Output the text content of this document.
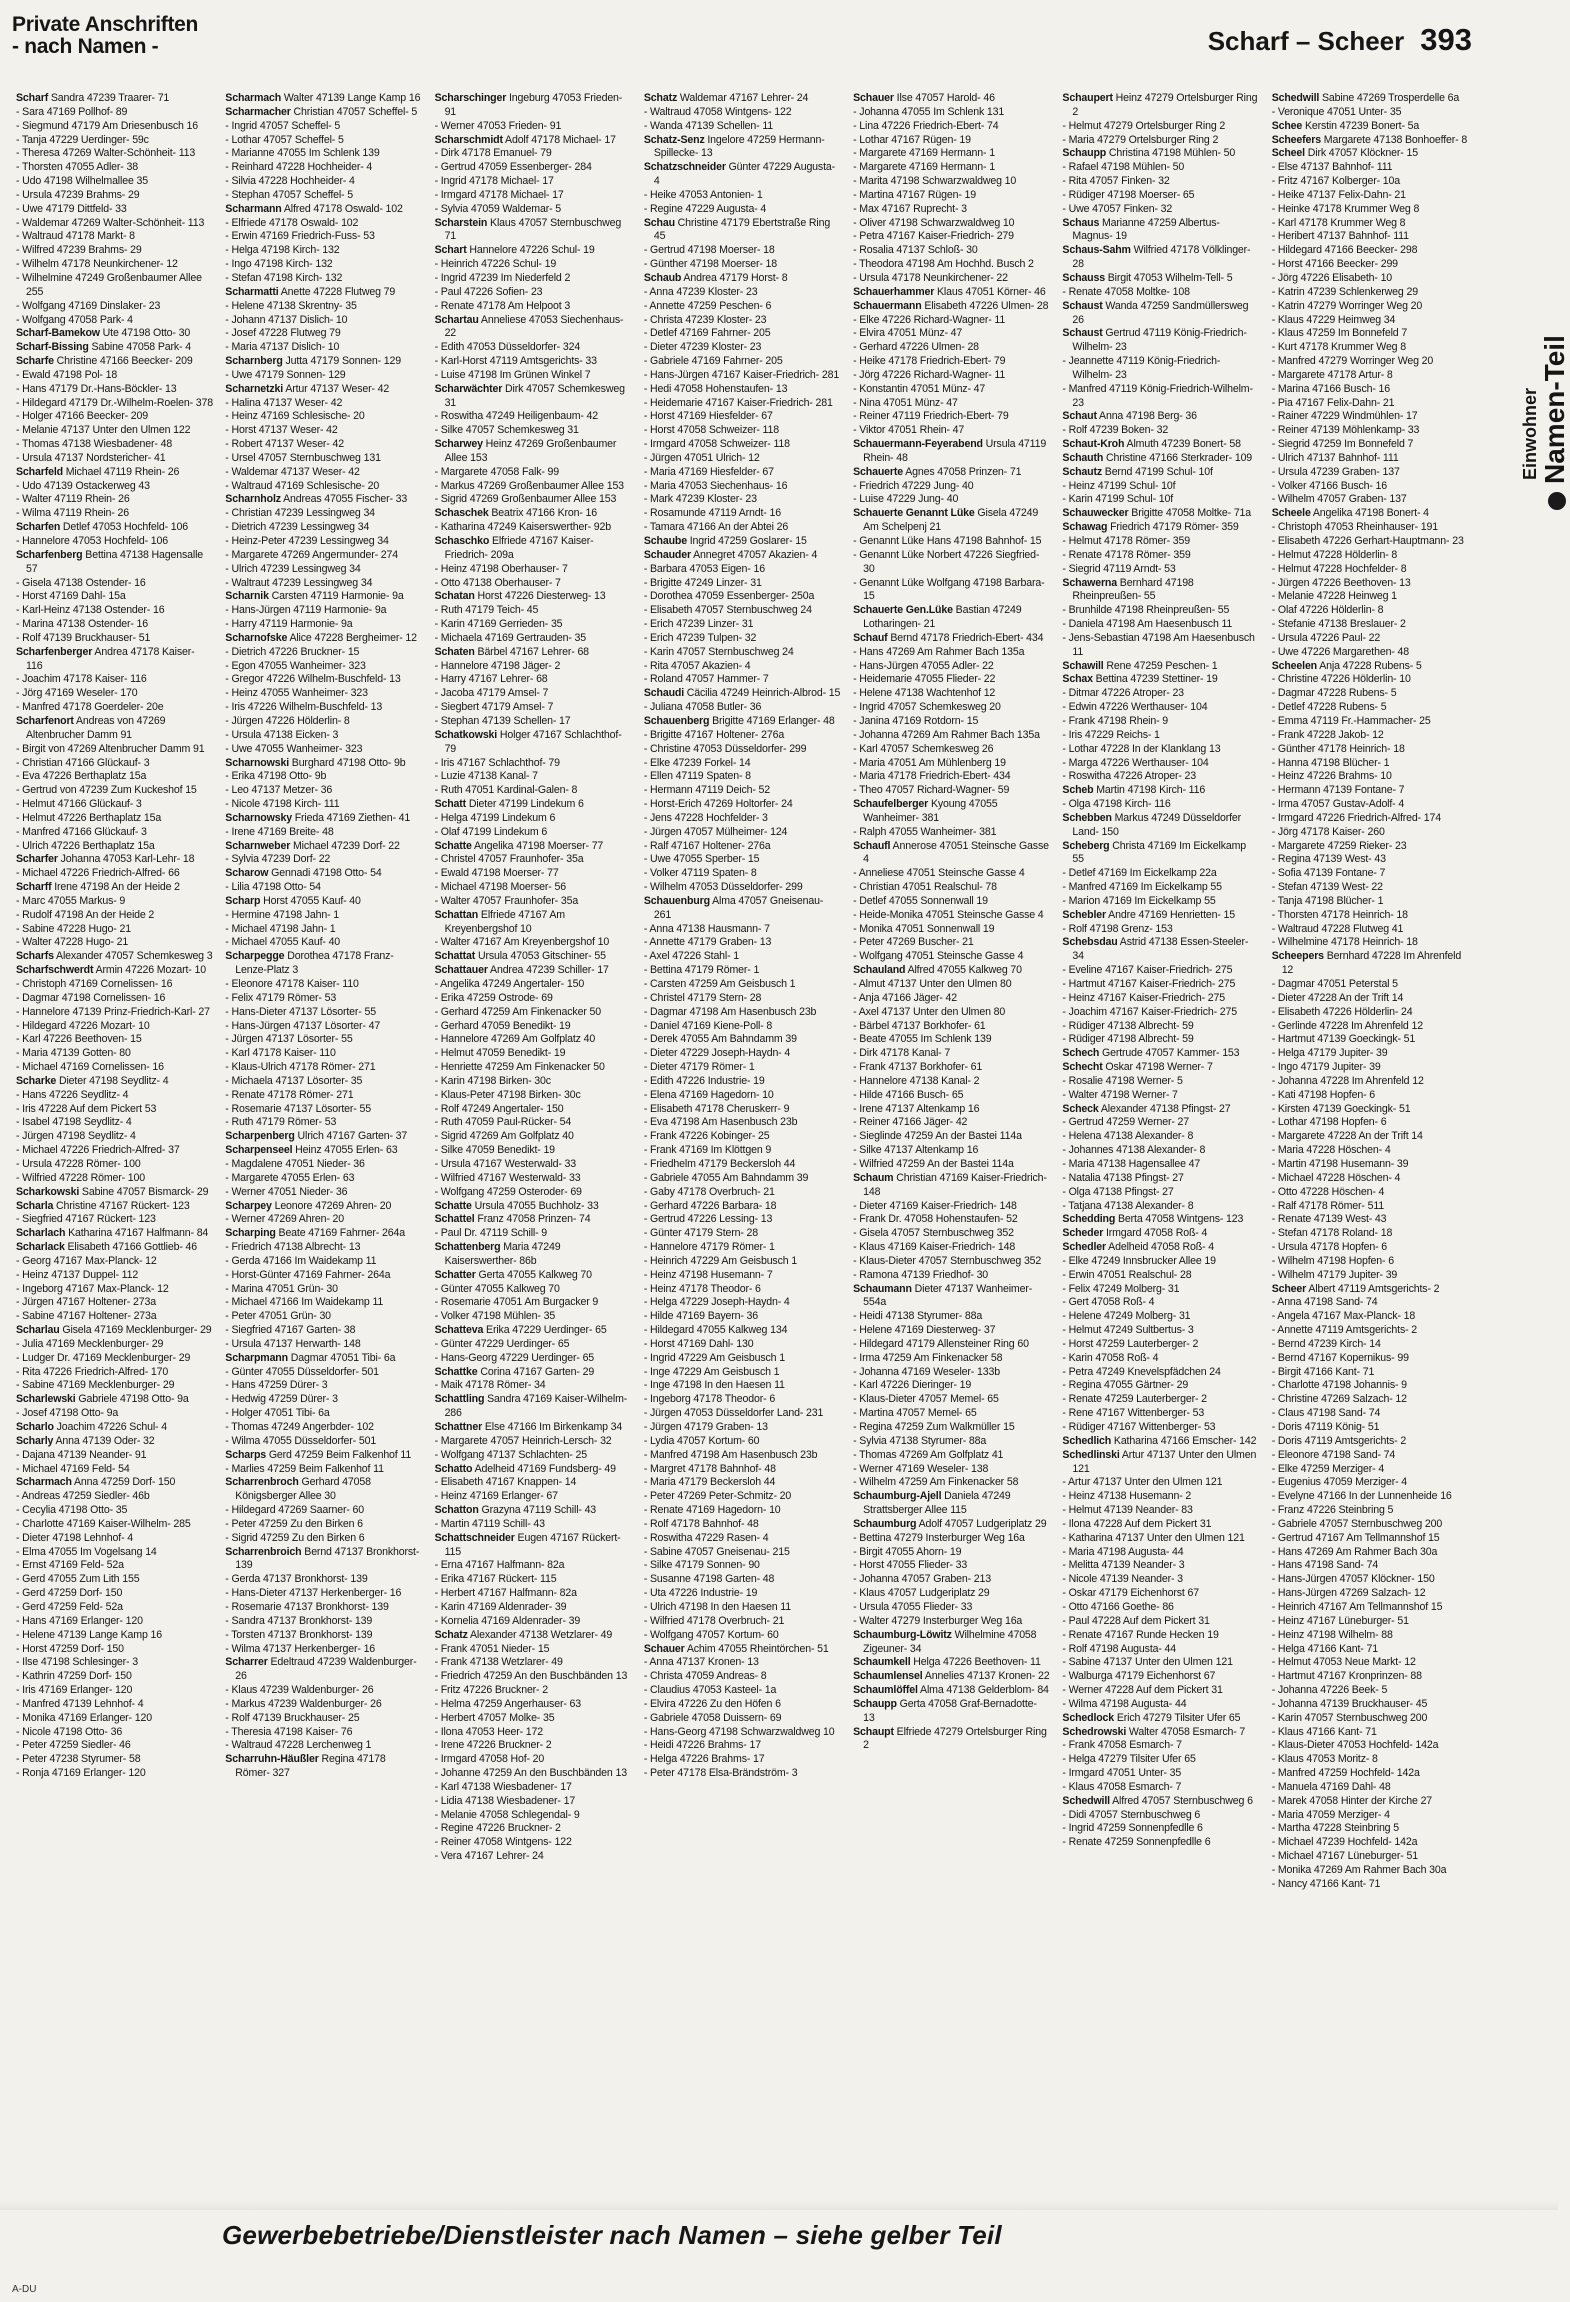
Private Anschriften
- nach Namen -	Scharf – Scheer 393
Scharf Sandra 47239 Traarer- 71
- Sara 47169 Pollhof- 89
- Siegmund 47179 Am Driesenbusch 16
- Tanja 47229 Uerdinger- 59c
- Theresa 47269 Walter-Schönheit- 113
- Thorsten 47055 Adler- 38
- Udo 47198 Wilhelmallee 35
- Ursula 47239 Brahms- 29
- Uwe 47179 Dittfeld- 33
- Waldemar 47269 Walter-Schönheit- 113
- Waltraud 47178 Markt- 8
- Wilfred 47239 Brahms- 29
- Wilhelm 47178 Neunkirchener- 12
- Wilhelmine 47249 Großenbaumer Allee 255
- Wolfgang 47169 Dinslaker- 23
- Wolfgang 47058 Park- 4
Scharf-Bamekow Ute 47198 Otto- 30
Scharf-Bissing Sabine 47058 Park- 4
Scharfe Christine 47166 Beecker- 209
- Ewald 47198 Pol- 18
- Hans 47179 Dr.-Hans-Böckler- 13
- Hildegard 47179 Dr.-Wilhelm-Roelen- 378
- Holger 47166 Beecker- 209
- Melanie 47137 Unter den Ulmen 122
- Thomas 47138 Wiesbadener- 48
- Ursula 47137 Nordstericher- 41
Scharfeld Michael 47119 Rhein- 26
- Udo 47139 Ostackerweg 43
- Walter 47119 Rhein- 26
- Wilma 47119 Rhein- 26
Scharfen Detlef 47053 Hochfeld- 106
- Hannelore 47053 Hochfeld- 106
Scharfenberg Bettina 47138 Hagensalle 57
- Gisela 47138 Ostender- 16
- Horst 47169 Dahl- 15a
- Karl-Heinz 47138 Ostender- 16
- Marina 47138 Ostender- 16
- Rolf 47139 Bruckhauser- 51
Scharfenberger Andrea 47178 Kaiser- 116
- Joachim 47178 Kaiser- 116
- Jörg 47169 Weseler- 170
- Manfred 47178 Goerdeler- 20e
Scharfenort Andreas von 47269 Altenbrucher Damm 91
- Birgit von 47269 Altenbrucher Damm 91
- Christian 47166 Glückauf- 3
- Eva 47226 Berthaplatz 15a
- Gertrud von 47239 Zum Kuckeshof 15
- Helmut 47166 Glückauf- 3
- Helmut 47226 Berthaplatz 15a
- Manfred 47166 Glückauf- 3
- Ulrich 47226 Berthaplatz 15a
Scharfer Johanna 47053 Karl-Lehr- 18
- Michael 47226 Friedrich-Alfred- 66
Scharff Irene 47198 An der Heide 2
- Marc 47055 Markus- 9
- Rudolf 47198 An der Heide 2
- Sabine 47228 Hugo- 21
- Walter 47228 Hugo- 21
Scharfs Alexander 47057 Schemkesweg 3
Scharfschwerdt Armin 47226 Mozart- 10
- Christoph 47169 Cornelissen- 16
- Dagmar 47198 Cornelissen- 16
- Hannelore 47139 Prinz-Friedrich-Karl- 27
- Hildegard 47226 Mozart- 10
- Karl 47226 Beethoven- 15
- Maria 47139 Gotten- 80
- Michael 47169 Cornelissen- 16
Scharke Dieter 47198 Seydlitz- 4
- Hans 47226 Seydlitz- 4
- Iris 47228 Auf dem Pickert 53
- Isabel 47198 Seydlitz- 4
- Jürgen 47198 Seydlitz- 4
- Michael 47226 Friedrich-Alfred- 37
- Ursula 47228 Römer- 100
- Wilfried 47228 Römer- 100
Scharkowski Sabine 47057 Bismarck- 29
Scharla Christine 47167 Rückert- 123
- Siegfried 47167 Rückert- 123
Scharlach Katharina 47167 Halfmann- 84
Scharlack Elisabeth 47166 Gottlieb- 46
- Georg 47167 Max-Planck- 12
- Heinz 47137 Duppel- 112
- Ingeborg 47167 Max-Planck- 12
- Jürgen 47167 Holtener- 273a
- Sabine 47167 Holtener- 273a
Scharlau Gisela 47169 Mecklenburger- 29
- Julia 47169 Mecklenburger- 29
- Ludger Dr. 47169 Mecklenburger- 29
- Rita 47226 Friedrich-Alfred- 170
- Sabine 47169 Mecklenburger- 29
Scharlewski Gabriele 47198 Otto- 9a
- Josef 47198 Otto- 9a
Scharlo Joachim 47226 Schul- 4
Scharly Anna 47139 Oder- 32
- Dajana 47139 Neander- 91
- Michael 47169 Feld- 54
Scharmach Anna 47259 Dorf- 150
- Andreas 47259 Siedler- 46b
- Cecylia 47198 Otto- 35
- Charlotte 47169 Kaiser-Wilhelm- 285
- Dieter 47198 Lehnhof- 4
- Elma 47055 Im Vogelsang 14
- Ernst 47169 Feld- 52a
- Gerd 47055 Zum Lith 155
- Gerd 47259 Dorf- 150
- Gerd 47259 Feld- 52a
- Hans 47169 Erlanger- 120
- Helene 47139 Lange Kamp 16
- Horst 47259 Dorf- 150
- Ilse 47198 Schlesinger- 3
- Kathrin 47259 Dorf- 150
- Iris 47169 Erlanger- 120
- Manfred 47139 Lehnhof- 4
- Monika 47169 Erlanger- 120
- Nicole 47198 Otto- 36
- Peter 47259 Siedler- 46
- Peter 47238 Styrumer- 58
- Ronja 47169 Erlanger- 120
Scharmach Walter 47139 Lange Kamp 16
Scharmacher Christian 47057 Scheffel- 5
- Ingrid 47057 Scheffel- 5
- Lothar 47057 Scheffel- 5
- Marianne 47055 Im Schlenk 139
- Reinhard 47228 Hochheider- 4
- Silvia 47228 Hochheider- 4
- Stephan 47057 Scheffel- 5
Scharmann Alfred 47178 Oswald- 102
- Elfriede 47178 Oswald- 102
- Erwin 47169 Friedrich-Fuss- 53
- Helga 47198 Kirch- 132
- Ingo 47198 Kirch- 132
- Stefan 47198 Kirch- 132
Scharmatti Anette 47228 Flutweg 79
- Helene 47138 Skrentny- 35
- Johann 47137 Dislich- 10
- Josef 47228 Flutweg 79
- Maria 47137 Dislich- 10
Scharnberg Jutta 47179 Sonnen- 129
- Uwe 47179 Sonnen- 129
Scharnetzki Artur 47137 Weser- 42
- Halina 47137 Weser- 42
- Heinz 47169 Schlesische- 20
- Horst 47137 Weser- 42
- Robert 47137 Weser- 42
- Ursel 47057 Sternbuschweg 131
- Waldemar 47137 Weser- 42
- Waltraud 47169 Schlesische- 20
Scharnholz Andreas 47055 Fischer- 33
- Christian 47239 Lessingweg 34
- Dietrich 47239 Lessingweg 34
- Heinz-Peter 47239 Lessingweg 34
- Margarete 47269 Angermunder- 274
- Ulrich 47239 Lessingweg 34
- Waltraut 47239 Lessingweg 34
Scharnik Carsten 47119 Harmonie- 9a
- Hans-Jürgen 47119 Harmonie- 9a
- Harry 47119 Harmonie- 9a
Scharnofske Alice 47228 Bergheimer- 12
- Dietrich 47226 Bruckner- 15
- Egon 47055 Wanheimer- 323
- Gregor 47226 Wilhelm-Buschfeld- 13
- Heinz 47055 Wanheimer- 323
- Iris 47226 Wilhelm-Buschfeld- 13
- Jürgen 47226 Hölderlin- 8
- Ursula 47138 Eicken- 3
- Uwe 47055 Wanheimer- 323
Scharnowski Burghard 47198 Otto- 9b
- Erika 47198 Otto- 9b
- Leo 47137 Metzer- 36
- Nicole 47198 Kirch- 111
Scharnowsky Frieda 47169 Ziethen- 41
- Irene 47169 Breite- 48
Scharnweber Michael 47239 Dorf- 22
- Sylvia 47239 Dorf- 22
Scharow Gennadi 47198 Otto- 54
- Lilia 47198 Otto- 54
Scharp Horst 47055 Kauf- 40
- Hermine 47198 Jahn- 1
- Michael 47198 Jahn- 1
- Michael 47055 Kauf- 40
Scharpegge Dorothea 47178 Franz-Lenze-Platz 3
- Eleonore 47178 Kaiser- 110
- Felix 47179 Römer- 53
- Hans-Dieter 47137 Lösorter- 55
- Hans-Jürgen 47137 Lösorter- 47
- Jürgen 47137 Lösorter- 55
- Karl 47178 Kaiser- 110
- Klaus-Ulrich 47178 Römer- 271
- Michaela 47137 Lösorter- 35
- Renate 47178 Römer- 271
- Rosemarie 47137 Lösorter- 55
- Ruth 47179 Römer- 53
Scharpenberg Ulrich 47167 Garten- 37
Scharpenseel Heinz 47055 Erlen- 63
- Magdalene 47051 Nieder- 36
- Margarete 47055 Erlen- 63
- Werner 47051 Nieder- 36
Scharpey Leonore 47269 Ahren- 20
- Werner 47269 Ahren- 20
Scharping Beate 47169 Fahrner- 264a
- Friedrich 47138 Albrecht- 13
- Gerda 47166 Im Waidekamp 11
- Horst-Günter 47169 Fahrner- 264a
- Marina 47051 Grün- 30
- Michael 47166 Im Waidekamp 11
- Peter 47051 Grün- 30
- Siegfried 47167 Garten- 38
- Ursula 47137 Herwarth- 148
Scharpmann Dagmar 47051 Tibi- 6a
- Günter 47055 Düsseldorfer- 501
- Hans 47259 Dürer- 3
- Hedwig 47259 Dürer- 3
- Holger 47051 Tibi- 6a
- Thomas 47249 Angerbder- 102
- Wilma 47055 Düsseldorfer- 501
Scharps Gerd 47259 Beim Falkenhof 11
- Marlies 47259 Beim Falkenhof 11
Scharrenbroch Gerhard 47058 Königsberger Allee 30
- Hildegard 47269 Saarner- 60
- Peter 47259 Zu den Birken 6
- Sigrid 47259 Zu den Birken 6
Scharrenbroich Bernd 47137 Bronkhorst- 139
- Gerda 47137 Bronkhorst- 139
- Hans-Dieter 47137 Herkenberger- 16
- Rosemarie 47137 Bronkhorst- 139
- Sandra 47137 Bronkhorst- 139
- Torsten 47137 Bronkhorst- 139
- Wilma 47137 Herkenberger- 16
Scharrer Edeltraud 47239 Waldenburger- 26
- Klaus 47239 Waldenburger- 26
- Markus 47239 Waldenburger- 26
- Rolf 47139 Bruckhauser- 25
- Theresia 47198 Kaiser- 76
- Waltraud 47228 Lerchenweg 1
Scharruhn-Häußler Regina 47178 Römer- 327
Scharschinger Ingeburg 47053 Frieden- 91
- Werner 47053 Frieden- 91
Scharschmidt Adolf 47178 Michael- 17
- Dirk 47178 Emanuel- 79
- Gertrud 47059 Essenberger- 284
- Ingrid 47178 Michael- 17
- Irmgard 47178 Michael- 17
- Sylvia 47059 Waldemar- 5
Scharstein Klaus 47057 Sternbuschweg 71
Schart Hannelore 47226 Schul- 19
- Heinrich 47226 Schul- 19
- Ingrid 47239 Im Niederfeld 2
- Paul 47226 Sofien- 23
- Renate 47178 Am Helpoot 3
Schartau Anneliese 47053 Siechenhaus- 22
- Edith 47053 Düsseldorfer- 324
- Karl-Horst 47119 Amtsgerichts- 33
- Luise 47198 Im Grünen Winkel 7
Scharwächter Dirk 47057 Schemkesweg 31
- Roswitha 47249 Heiligenbaum- 42
- Silke 47057 Schemkesweg 31
Scharwey Heinz 47269 Großenbaumer Allee 153
- Margarete 47058 Falk- 99
- Markus 47269 Großenbaumer Allee 153
- Sigrid 47269 Großenbaumer Allee 153
Schaschek Beatrix 47166 Kron- 16
- Katharina 47249 Kaiserswerther- 92b
Schaschko Elfriede 47167 Kaiser-Friedrich- 209a
- Heinz 47198 Oberhauser- 7
- Otto 47138 Oberhauser- 7
Schatan Horst 47226 Diesterweg- 13
- Ruth 47179 Teich- 45
- Karin 47169 Gerrieden- 35
- Michaela 47169 Gertrauden- 35
Schaten Bärbel 47167 Lehrer- 68
- Hannelore 47198 Jäger- 2
- Harry 47167 Lehrer- 68
- Jacoba 47179 Amsel- 7
- Siegbert 47179 Amsel- 7
- Stephan 47139 Schellen- 17
Schatkowski Holger 47167 Schlachthof- 79
- Iris 47167 Schlachthof- 79
- Luzie 47138 Kanal- 7
- Ruth 47051 Kardinal-Galen- 8
Schatt Dieter 47199 Lindekum 6
- Helga 47199 Lindekum 6
- Olaf 47199 Lindekum 6
Schatte Angelika 47198 Moerser- 77
- Christel 47057 Fraunhofer- 35a
- Ewald 47198 Moerser- 77
- Michael 47198 Moerser- 56
- Walter 47057 Fraunhofer- 35a
Schattan Elfriede 47167 Am Kreyenbergshof 10
- Walter 47167 Am Kreyenbergshof 10
Schattat Ursula 47053 Gitschiner- 55
Schattauer Andrea 47239 Schiller- 17
- Angelika 47249 Angertaler- 150
- Erika 47259 Ostrode- 69
- Gerhard 47259 Am Finkenacker 50
- Gerhard 47059 Benedikt- 19
- Hannelore 47269 Am Golfplatz 40
- Helmut 47059 Benedikt- 19
- Henriette 47259 Am Finkenacker 50
- Karin 47198 Birken- 30c
- Klaus-Peter 47198 Birken- 30c
- Rolf 47249 Angertaler- 150
- Ruth 47059 Paul-Rücker- 54
- Sigrid 47269 Am Golfplatz 40
- Silke 47059 Benedikt- 19
- Ursula 47167 Westerwald- 33
- Wilfried 47167 Westerwald- 33
- Wolfgang 47259 Osteroder- 69
Schatte Ursula 47055 Buchholz- 33
Schattel Franz 47058 Prinzen- 74
- Paul Dr. 47119 Schill- 9
Schattenberg Maria 47249 Kaiserswerther- 86b
Schatter Gerta 47055 Kalkweg 70
- Günter 47055 Kalkweg 70
- Rosemarie 47051 Am Burgacker 9
- Volker 47198 Mühlen- 35
Schatteva Erika 47229 Uerdinger- 65
- Günter 47229 Uerdinger- 65
- Hans-Georg 47229 Uerdinger- 65
Schattke Corina 47167 Garten- 29
- Maik 47178 Römer- 34
Schattling Sandra 47169 Kaiser-Wilhelm- 286
Schattner Else 47166 Im Birkenkamp 34
- Margarete 47057 Heinrich-Lersch- 32
- Wolfgang 47137 Schlachten- 25
Schatto Adelheid 47169 Fundsberg- 49
- Elisabeth 47167 Knappen- 14
- Heinz 47169 Erlanger- 67
Schatton Grazyna 47119 Schill- 43
- Martin 47119 Schill- 43
Schattschneider Eugen 47167 Rückert- 115
- Erna 47167 Halfmann- 82a
- Erika 47167 Rückert- 115
- Herbert 47167 Halfmann- 82a
- Karin 47169 Aldenrader- 39
- Kornelia 47169 Aldenrader- 39
Schatz Alexander 47138 Wetzlarer- 49
- Frank 47051 Nieder- 15
- Frank 47138 Wetzlarer- 49
- Friedrich 47259 An den Buschbänden 13
- Fritz 47226 Bruckner- 2
- Helma 47259 Angerhauser- 63
- Herbert 47057 Molke- 35
- Ilona 47053 Heer- 172
- Irene 47226 Bruckner- 2
- Irmgard 47058 Hof- 20
- Johanne 47259 An den Buschbänden 13
- Karl 47138 Wiesbadener- 17
- Lidia 47138 Wiesbadener- 17
- Melanie 47058 Schlegendal- 9
- Regine 47226 Bruckner- 2
- Reiner 47058 Wintgens- 122
- Vera 47167 Lehrer- 24
Schatz Waldemar 47167 Lehrer- 24
- Waltraud 47058 Wintgens- 122
- Wanda 47139 Schellen- 11
Schatz-Senz Ingelore 47259 Hermann-Spillecke- 13
Schatzschneider Günter 47229 Augusta- 4
- Heike 47053 Antonien- 1
- Regine 47229 Augusta- 4
Schau Christine 47179 Ebertstraße Ring 45
- Gertrud 47198 Moerser- 18
- Günther 47198 Moerser- 18
Schaub Andrea 47179 Horst- 8
- Anna 47239 Kloster- 23
- Annette 47259 Peschen- 6
- Christa 47239 Kloster- 23
- Detlef 47169 Fahrner- 205
- Dieter 47239 Kloster- 23
- Gabriele 47169 Fahrner- 205
- Hans-Jürgen 47167 Kaiser-Friedrich- 281
- Hedi 47058 Hohenstaufen- 13
- Heidemarie 47167 Kaiser-Friedrich- 281
- Horst 47169 Hiesfelder- 67
- Horst 47058 Schweizer- 118
- Irmgard 47058 Schweizer- 118
- Jürgen 47051 Ulrich- 12
- Maria 47169 Hiesfelder- 67
- Maria 47053 Siechenhaus- 16
- Mark 47239 Kloster- 23
- Rosamunde 47119 Arndt- 16
- Tamara 47166 An der Abtei 26
Schaube Ingrid 47259 Goslarer- 15
Schauder Annegret 47057 Akazien- 4
- Barbara 47053 Eigen- 16
- Brigitte 47249 Linzer- 31
- Dorothea 47059 Essenberger- 250a
- Elisabeth 47057 Sternbuschweg 24
- Erich 47239 Linzer- 31
- Erich 47239 Tulpen- 32
- Karin 47057 Sternbuschweg 24
- Rita 47057 Akazien- 4
- Roland 47057 Hammer- 7
Schaudi Cäcilia 47249 Heinrich-Albrod- 15
- Juliana 47058 Butler- 36
Schauenberg Brigitte 47169 Erlanger- 48
- Brigitte 47167 Holtener- 276a
- Christine 47053 Düsseldorfer- 299
- Elke 47239 Forkel- 14
- Ellen 47119 Spaten- 8
- Hermann 47119 Deich- 52
- Horst-Erich 47269 Holtorfer- 24
- Jens 47228 Hochfelder- 3
- Jürgen 47057 Mülheimer- 124
- Ralf 47167 Holtener- 276a
- Uwe 47055 Sperber- 15
- Volker 47119 Spaten- 8
- Wilhelm 47053 Düsseldorfer- 299
Schauenburg Alma 47057 Gneisenau- 261
- Anna 47138 Hausmann- 7
- Annette 47179 Graben- 13
- Axel 47226 Stahl- 1
- Bettina 47179 Römer- 1
- Carsten 47259 Am Geisbusch 1
- Christel 47179 Stern- 28
- Dagmar 47198 Am Hasenbusch 23b
- Daniel 47169 Kiene-Poll- 8
- Derek 47055 Am Bahndamm 39
- Dieter 47229 Joseph-Haydn- 4
- Dieter 47179 Römer- 1
- Edith 47226 Industrie- 19
- Elena 47169 Hagedorn- 10
- Elisabeth 47178 Cheruskerr- 9
- Eva 47198 Am Hasenbusch 23b
- Frank 47226 Kobinger- 25
- Frank 47169 Im Klöttgen 9
- Friedhelm 47179 Beckersloh 44
- Gabriele 47055 Am Bahndamm 39
- Gaby 47178 Overbruch- 21
- Gerhard 47226 Barbara- 18
- Gertrud 47226 Lessing- 13
- Günter 47179 Stern- 28
- Hannelore 47179 Römer- 1
- Heinrich 47229 Am Geisbusch 1
- Heinz 47198 Husemann- 7
- Heinz 47178 Theodor- 6
- Helga 47229 Joseph-Haydn- 4
- Hilde 47169 Bayern- 36
- Hildegard 47055 Kalkweg 134
- Horst 47169 Dahl- 130
- Ingrid 47229 Am Geisbusch 1
- Inge 47229 Am Geisbusch 1
- Inge 47198 In den Haesen 11
- Ingeborg 47178 Theodor- 6
- Jürgen 47053 Düsseldorfer Land- 231
- Jürgen 47179 Graben- 13
- Lydia 47057 Kortum- 60
- Manfred 47198 Am Hasenbusch 23b
- Margret 47178 Bahnhof- 48
- Maria 47179 Beckersloh 44
- Peter 47269 Peter-Schmitz- 20
- Renate 47169 Hagedorn- 10
- Rolf 47178 Bahnhof- 48
- Roswitha 47229 Rasen- 4
- Sabine 47057 Gneisenau- 215
- Silke 47179 Sonnen- 90
- Susanne 47198 Garten- 48
- Uta 47226 Industrie- 19
- Ulrich 47198 In den Haesen 11
- Wilfried 47178 Overbruch- 21
- Wolfgang 47057 Kortum- 60
Schauer Achim 47055 Rheintörchen- 51
- Anna 47137 Kronen- 13
- Christa 47059 Andreas- 8
- Claudius 47053 Kasteel- 1a
- Elvira 47226 Zu den Höfen 6
- Gabriele 47058 Duissern- 69
- Hans-Georg 47198 Schwarzwaldweg 10
- Heidi 47226 Brahms- 17
- Helga 47226 Brahms- 17
- Peter 47178 Elsa-Brändström- 3
Schauer Ilse 47057 Harold- 46
- Johanna 47055 Im Schlenk 131
- Lina 47226 Friedrich-Ebert- 74
- Lothar 47167 Rügen- 19
- Margarete 47169 Hermann- 1
- Margarete 47169 Hermann- 1
- Marita 47198 Schwarzwaldweg 10
- Martina 47167 Rügen- 19
- Max 47167 Ruprecht- 3
- Oliver 47198 Schwarzwaldweg 10
- Petra 47167 Kaiser-Friedrich- 279
- Rosalia 47137 Schloß- 30
- Theodora 47198 Am Hochhd. Busch 2
- Ursula 47178 Neunkirchener- 22
Schauerhammer Klaus 47051 Körner- 46
Schauermann Elisabeth 47226 Ulmen- 28
- Elke 47226 Richard-Wagner- 11
- Elvira 47051 Münz- 47
- Gerhard 47226 Ulmen- 28
- Heike 47178 Friedrich-Ebert- 79
- Jörg 47226 Richard-Wagner- 11
- Konstantin 47051 Münz- 47
- Nina 47051 Münz- 47
- Reiner 47119 Friedrich-Ebert- 79
- Viktor 47051 Rhein- 47
Schauermann-Feyerabend Ursula 47119 Rhein- 48
Schauerte Agnes 47058 Prinzen- 71
- Friedrich 47229 Jung- 40
- Luise 47229 Jung- 40
Schauerte Genannt Lüke Gisela 47249 Am Schelpenj 21
- Genannt Lüke Hans 47198 Bahnhof- 15
- Genannt Lüke Norbert 47226 Siegfried- 30
- Genannt Lüke Wolfgang 47198 Barbara- 15
Schauerte Gen.Lüke Bastian 47249 Lotharingen- 21
Schauf Bernd 47178 Friedrich-Ebert- 434
- Hans 47269 Am Rahmer Bach 135a
- Hans-Jürgen 47055 Adler- 22
- Heidemarie 47055 Flieder- 22
- Helene 47138 Wachtenhof 12
- Ingrid 47057 Schemkesweg 20
- Janina 47169 Rotdorn- 15
- Johanna 47269 Am Rahmer Bach 135a
- Karl 47057 Schemkesweg 26
- Maria 47051 Am Mühlenberg 19
- Maria 47178 Friedrich-Ebert- 434
- Theo 47057 Richard-Wagner- 59
Schaufelberger Kyoung 47055 Wanheimer- 381
- Ralph 47055 Wanheimer- 381
Schaufl Annerose 47051 Steinsche Gasse 4
- Anneliese 47051 Steinsche Gasse 4
- Christian 47051 Realschul- 78
- Detlef 47055 Sonnenwall 19
- Heide-Monika 47051 Steinsche Gasse 4
- Monika 47051 Sonnenwall 19
- Peter 47269 Buscher- 21
- Wolfgang 47051 Steinsche Gasse 4
Schauland Alfred 47055 Kalkweg 70
- Almut 47137 Unter den Ulmen 80
- Anja 47166 Jäger- 42
- Axel 47137 Unter den Ulmen 80
- Bärbel 47137 Borkhofer- 61
- Beate 47055 Im Schlenk 139
- Dirk 47178 Kanal- 7
- Frank 47137 Borkhofer- 61
- Hannelore 47138 Kanal- 2
- Hilde 47166 Busch- 65
- Irene 47137 Altenkamp 16
- Reiner 47166 Jäger- 42
- Sieglinde 47259 An der Bastei 114a
- Silke 47137 Altenkamp 16
- Wilfried 47259 An der Bastei 114a
Schaum Christian 47169 Kaiser-Friedrich- 148
- Dieter 47169 Kaiser-Friedrich- 148
- Frank Dr. 47058 Hohenstaufen- 52
- Gisela 47057 Sternbuschweg 352
- Klaus 47169 Kaiser-Friedrich- 148
- Klaus-Dieter 47057 Sternbuschweg 352
- Ramona 47139 Friedhof- 30
Schaumann Dieter 47137 Wanheimer- 554a
- Heidi 47138 Styrumer- 88a
- Helene 47169 Diesterweg- 37
- Hildegard 47179 Allensteiner Ring 60
- Irma 47259 Am Finkenacker 58
- Johanna 47169 Weseler- 133b
- Karl 47226 Dieringer- 19
- Klaus-Dieter 47057 Memel- 65
- Martina 47057 Memel- 65
- Regina 47259 Zum Walkmüller 15
- Sylvia 47138 Styrumer- 88a
- Thomas 47269 Am Golfplatz 41
- Werner 47169 Weseler- 138
- Wilhelm 47259 Am Finkenacker 58
Schaumburg-Ajell Daniela 47249 Strattsberger Allee 115
Schaumburg Adolf 47057 Ludgeriplatz 29
- Bettina 47279 Insterburger Weg 16a
- Birgit 47055 Ahorn- 19
- Horst 47055 Flieder- 33
- Johanna 47057 Graben- 213
- Klaus 47057 Ludgeriplatz 29
- Ursula 47055 Flieder- 33
- Walter 47279 Insterburger Weg 16a
Schaumburg-Löwitz Wilhelmine 47058 Zigeuner- 34
Schaumkell Helga 47226 Beethoven- 11
Schaumlensel Annelies 47137 Kronen- 22
Schaumlöffel Alma 47138 Gelderblom- 84
Schaupp Gerta 47058 Graf-Bernadotte- 13
Schaupt Elfriede 47279 Ortelsburger Ring 2
Schaupert Heinz 47279 Ortelsburger Ring 2
- Helmut 47279 Ortelsburger Ring 2
- Maria 47279 Ortelsburger Ring 2
Schaupp Christina 47198 Mühlen- 50
- Rafael 47198 Mühlen- 50
- Rita 47057 Finken- 32
- Rüdiger 47198 Moerser- 65
- Uwe 47057 Finken- 32
Schaus Marianne 47259 Albertus-Magnus- 19
Schaus-Sahm Wilfried 47178 Völklinger- 28
Schauss Birgit 47053 Wilhelm-Tell- 5
- Renate 47058 Moltke- 108
Schaust Wanda 47259 Sandmüllersweg 26
Schaust Gertrud 47119 König-Friedrich-Wilhelm- 23
- Jeannette 47119 König-Friedrich-Wilhelm- 23
- Manfred 47119 König-Friedrich-Wilhelm- 23
Schaut Anna 47198 Berg- 36
- Rolf 47239 Boken- 32
Schaut-Kroh Almuth 47239 Bonert- 58
Schauth Christine 47166 Sterkrader- 109
Schautz Bernd 47199 Schul- 10f
- Heinz 47199 Schul- 10f
- Karin 47199 Schul- 10f
Schauwecker Brigitte 47058 Moltke- 71a
Schawag Friedrich 47179 Römer- 359
- Helmut 47178 Römer- 359
- Renate 47178 Römer- 359
- Siegrid 47119 Arndt- 53
Schawerna Bernhard 47198 Rheinpreußen- 55
- Brunhilde 47198 Rheinpreußen- 55
- Daniela 47198 Am Haesenbusch 11
- Jens-Sebastian 47198 Am Haesenbusch 11
Schawill Rene 47259 Peschen- 1
Schax Bettina 47239 Stettiner- 19
- Ditmar 47226 Atroper- 23
- Edwin 47226 Werthauser- 104
- Frank 47198 Rhein- 9
- Iris 47229 Reichs- 1
- Lothar 47228 In der Klanklang 13
- Marga 47226 Werthauser- 104
- Roswitha 47226 Atroper- 23
Scheb Martin 47198 Kirch- 116
- Olga 47198 Kirch- 116
Schebben Markus 47249 Düsseldorfer Land- 150
Scheberg Christa 47169 Im Eickelkamp 55
- Detlef 47169 Im Eickelkamp 22a
- Manfred 47169 Im Eickelkamp 55
- Marion 47169 Im Eickelkamp 55
Schebler Andre 47169 Henrietten- 15
- Rolf 47198 Grenz- 153
Schebsdau Astrid 47138 Essen-Steeler- 34
- Eveline 47167 Kaiser-Friedrich- 275
- Hartmut 47167 Kaiser-Friedrich- 275
- Heinz 47167 Kaiser-Friedrich- 275
- Joachim 47167 Kaiser-Friedrich- 275
- Rüdiger 47138 Albrecht- 59
- Rüdiger 47198 Albrecht- 59
Schech Gertrude 47057 Kammer- 153
Schecht Oskar 47198 Werner- 7
- Rosalie 47198 Werner- 5
- Walter 47198 Werner- 7
Scheck Alexander 47138 Pfingst- 27
- Gertrud 47259 Werner- 27
- Helena 47138 Alexander- 8
- Johannes 47138 Alexander- 8
- Maria 47138 Hagensallee 47
- Natalia 47138 Pfingst- 27
- Olga 47138 Pfingst- 27
- Tatjana 47138 Alexander- 8
Schedding Berta 47058 Wintgens- 123
Scheder Irmgard 47058 Roß- 4
Schedler Adelheid 47058 Roß- 4
- Elke 47249 Innsbrucker Allee 19
- Erwin 47051 Realschul- 28
- Felix 47249 Molberg- 31
- Gert 47058 Roß- 4
- Helene 47249 Molberg- 31
- Helmut 47249 Sultbertus- 3
- Horst 47259 Lauterberger- 2
- Karin 47058 Roß- 4
- Petra 47249 Knevelspfädchen 24
- Regina 47055 Gärtner- 29
- Renate 47259 Lauterberger- 2
- Rene 47167 Wittenberger- 53
- Rüdiger 47167 Wittenberger- 53
Schedlich Katharina 47166 Emscher- 142
Schedlinski Artur 47137 Unter den Ulmen 121
- Artur 47137 Unter den Ulmen 121
- Heinz 47138 Husemann- 2
- Helmut 47139 Neander- 83
- Ilona 47228 Auf dem Pickert 31
- Katharina 47137 Unter den Ulmen 121
- Maria 47198 Augusta- 44
- Melitta 47139 Neander- 3
- Nicole 47139 Neander- 3
- Oskar 47179 Eichenhorst 67
- Otto 47166 Goethe- 86
- Paul 47228 Auf dem Pickert 31
- Renate 47167 Runde Hecken 19
- Rolf 47198 Augusta- 44
- Sabine 47137 Unter den Ulmen 121
- Walburga 47179 Eichenhorst 67
- Werner 47228 Auf dem Pickert 31
- Wilma 47198 Augusta- 44
Schedlock Erich 47279 Tilsiter Ufer 65
Schedrowski Walter 47058 Esmarch- 7
- Frank 47058 Esmarch- 7
- Helga 47279 Tilsiter Ufer 65
- Irmgard 47051 Unter- 35
- Klaus 47058 Esmarch- 7
Schedwill Alfred 47057 Sternbuschweg 6
- Didi 47057 Sternbuschweg 6
- Ingrid 47259 Sonnenpfedlle 6
- Renate 47259 Sonnenpfedlle 6
Schedwill Sabine 47269 Trosperdelle 6a
- Veronique 47051 Unter- 35
Schee Kerstin 47239 Bonert- 5a
Scheefers Margarete 47138 Bonhoeffer- 8
Scheel Dirk 47057 Klöckner- 15
- Else 47137 Bahnhof- 111
- Fritz 47167 Kolberger- 10a
- Heike 47137 Felix-Dahn- 21
- Heinke 47178 Krummer Weg 8
- Karl 47178 Krummer Weg 8
- Heribert 47137 Bahnhof- 111
- Hildegard 47166 Beecker- 298
- Horst 47166 Beecker- 299
- Jörg 47226 Elisabeth- 10
- Katrin 47239 Schlenkerweg 29
- Katrin 47279 Worringer Weg 20
- Klaus 47229 Heimweg 34
- Klaus 47259 Im Bonnefeld 7
- Kurt 47178 Krummer Weg 8
- Manfred 47279 Worringer Weg 20
- Margarete 47178 Artur- 8
- Marina 47166 Busch- 16
- Pia 47167 Felix-Dahn- 21
- Rainer 47229 Windmühlen- 17
- Reiner 47139 Möhlenkamp- 33
- Siegrid 47259 Im Bonnefeld 7
- Ulrich 47137 Bahnhof- 111
- Ursula 47239 Graben- 137
- Volker 47166 Busch- 16
- Wilhelm 47057 Graben- 137
Scheele Angelika 47198 Bonert- 4
- Christoph 47053 Rheinhauser- 191
- Elisabeth 47226 Gerhart-Hauptmann- 23
- Helmut 47228 Hölderlin- 8
- Helmut 47228 Hochfelder- 8
- Jürgen 47226 Beethoven- 13
- Melanie 47228 Heinweg 1
- Olaf 47226 Hölderlin- 8
- Stefanie 47138 Breslauer- 2
- Ursula 47226 Paul- 22
- Uwe 47226 Margarethen- 48
Scheelen Anja 47228 Rubens- 5
- Christine 47226 Hölderlin- 10
- Dagmar 47228 Rubens- 5
- Detlef 47228 Rubens- 5
- Emma 47119 Fr.-Hammacher- 25
- Frank 47228 Jakob- 12
- Günther 47178 Heinrich- 18
- Hanna 47198 Blücher- 1
- Heinz 47226 Brahms- 10
- Hermann 47139 Fontane- 7
- Irma 47057 Gustav-Adolf- 4
- Irmgard 47226 Friedrich-Alfred- 174
- Jörg 47178 Kaiser- 260
- Margarete 47259 Rieker- 23
- Regina 47139 West- 43
- Sofia 47139 Fontane- 7
- Stefan 47139 West- 22
- Tanja 47198 Blücher- 1
- Thorsten 47178 Heinrich- 18
- Waltraud 47228 Flutweg 41
- Wilhelmine 47178 Heinrich- 18
Scheepers Bernhard 47228 Im Ahrenfeld 12
- Dagmar 47051 Peterstal 5
- Dieter 47228 An der Trift 14
- Elisabeth 47226 Hölderlin- 24
- Gerlinde 47228 Im Ahrenfeld 12
- Hartmut 47139 Goeckingk- 51
- Helga 47179 Jupiter- 39
- Ingo 47179 Jupiter- 39
- Johanna 47228 Im Ahrenfeld 12
- Kati 47198 Hopfen- 6
- Kirsten 47139 Goeckingk- 51
- Lothar 47198 Hopfen- 6
- Margarete 47228 An der Trift 14
- Maria 47228 Höschen- 4
- Martin 47198 Husemann- 39
- Michael 47228 Höschen- 4
- Otto 47228 Höschen- 4
- Ralf 47178 Römer- 511
- Renate 47139 West- 43
- Stefan 47178 Roland- 18
- Ursula 47178 Hopfen- 6
- Wilhelm 47198 Hopfen- 6
- Wilhelm 47179 Jupiter- 39
Scheer Albert 47119 Amtsgerichts- 2
- Anna 47198 Sand- 74
- Angela 47167 Max-Planck- 18
- Annette 47119 Amtsgerichts- 2
- Bernd 47239 Kirch- 14
- Bernd 47167 Kopernikus- 99
- Birgit 47166 Kant- 71
- Charlotte 47198 Johannis- 9
- Christine 47269 Salzach- 12
- Claus 47198 Sand- 74
- Doris 47119 König- 51
- Doris 47119 Amtsgerichts- 2
- Eleonore 47198 Sand- 74
- Elke 47259 Merziger- 4
- Eugenius 47059 Merziger- 4
- Evelyne 47166 In der Lunnenheide 16
- Franz 47226 Steinbring 5
- Gabriele 47057 Sternbuschweg 200
- Gertrud 47167 Am Tellmannshof 15
- Hans 47269 Am Rahmer Bach 30a
- Hans 47198 Sand- 74
- Hans-Jürgen 47057 Klöckner- 150
- Hans-Jürgen 47269 Salzach- 12
- Heinrich 47167 Am Tellmannshof 15
- Heinz 47167 Lüneburger- 51
- Heinz 47198 Wilhelm- 88
- Helga 47166 Kant- 71
- Helmut 47053 Neue Markt- 12
- Hartmut 47167 Kronprinzen- 88
- Johanna 47226 Beek- 5
- Johanna 47139 Bruckhauser- 45
- Karin 47057 Sternbuschweg 200
- Klaus 47166 Kant- 71
- Klaus-Dieter 47053 Hochfeld- 142a
- Klaus 47053 Moritz- 8
- Manfred 47259 Hochfeld- 142a
- Manuela 47169 Dahl- 48
- Marek 47058 Hinter der Kirche 27
- Maria 47059 Merziger- 4
- Martha 47228 Steinbring 5
- Michael 47239 Hochfeld- 142a
- Michael 47167 Lüneburger- 51
- Monika 47269 Am Rahmer Bach 30a
- Nancy 47166 Kant- 71
Einwohner Namen-Teil
Gewerbebetriebe/Dienstleister nach Namen – siehe gelber Teil
A-DU
